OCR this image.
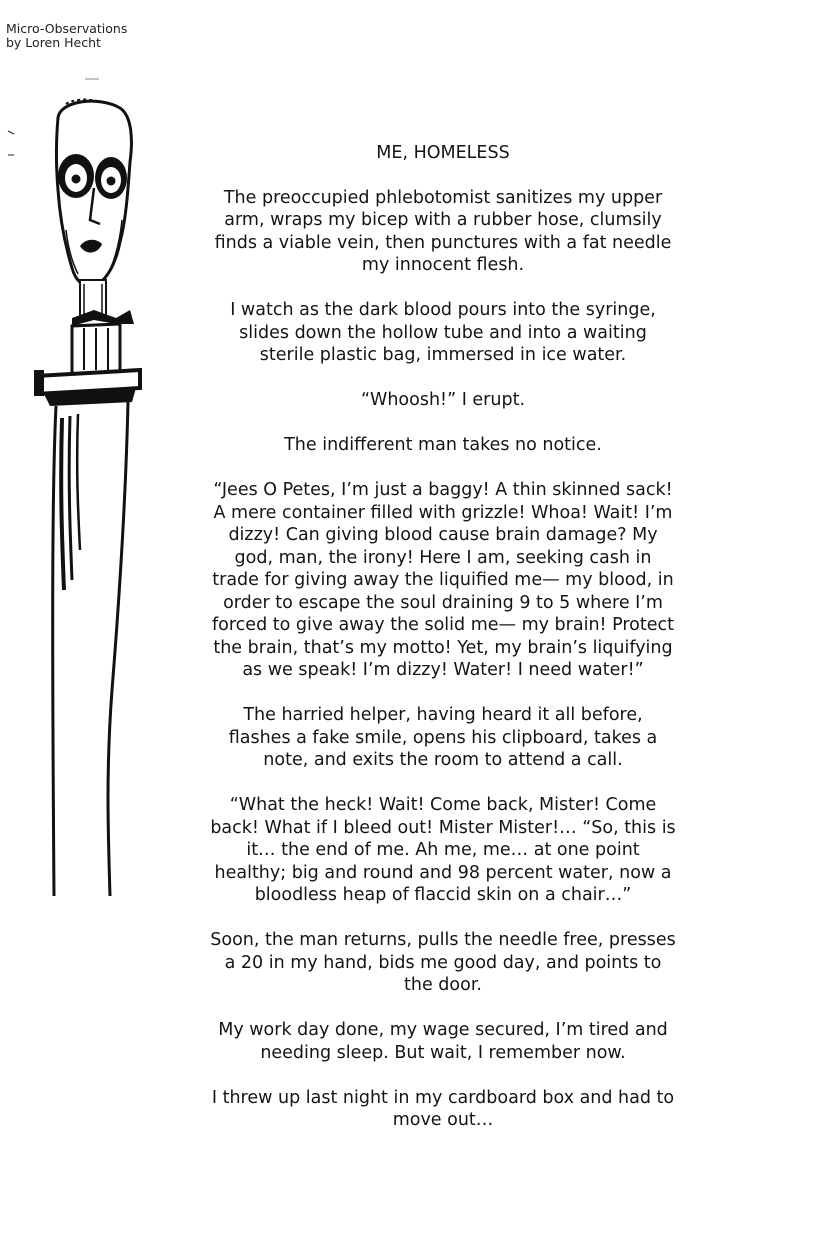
Micro-Observations
by Loren Hecht

ME, HOMELESS

The preoccupied phlebotomist sanitizes my upper arm, wraps my bicep with a rubber hose, clumsily finds a viable vein, then punctures with a fat needle my innocent flesh.

I watch as the dark blood pours into the syringe, slides down the hollow tube and into a waiting sterile plastic bag, immersed in ice water.

“Whoosh!” I erupt.

The indifferent man takes no notice.

“Jees O Petes, I’m just a baggy! A thin skinned sack! A mere container filled with grizzle! Whoa! Wait! I’m dizzy! Can giving blood cause brain damage? My god, man, the irony! Here I am, seeking cash in trade for giving away the liquified me— my blood, in order to escape the soul draining 9 to 5 where I’m forced to give away the solid me— my brain! Protect the brain, that’s my motto! Yet, my brain’s liquifying as we speak! I’m dizzy! Water! I need water!”

The harried helper, having heard it all before, flashes a fake smile, opens his clipboard, takes a note, and exits the room to attend a call.

“What the heck! Wait! Come back, Mister! Come back! What if I bleed out! Mister Mister!… “So, this is it… the end of me. Ah me, me… at one point healthy; big and round and 98 percent water, now a bloodless heap of flaccid skin on a chair…”

Soon, the man returns, pulls the needle free, presses a 20 in my hand, bids me good day, and points to the door.

My work day done, my wage secured, I’m tired and needing sleep. But wait, I remember now.

I threw up last night in my cardboard box and had to move out…
